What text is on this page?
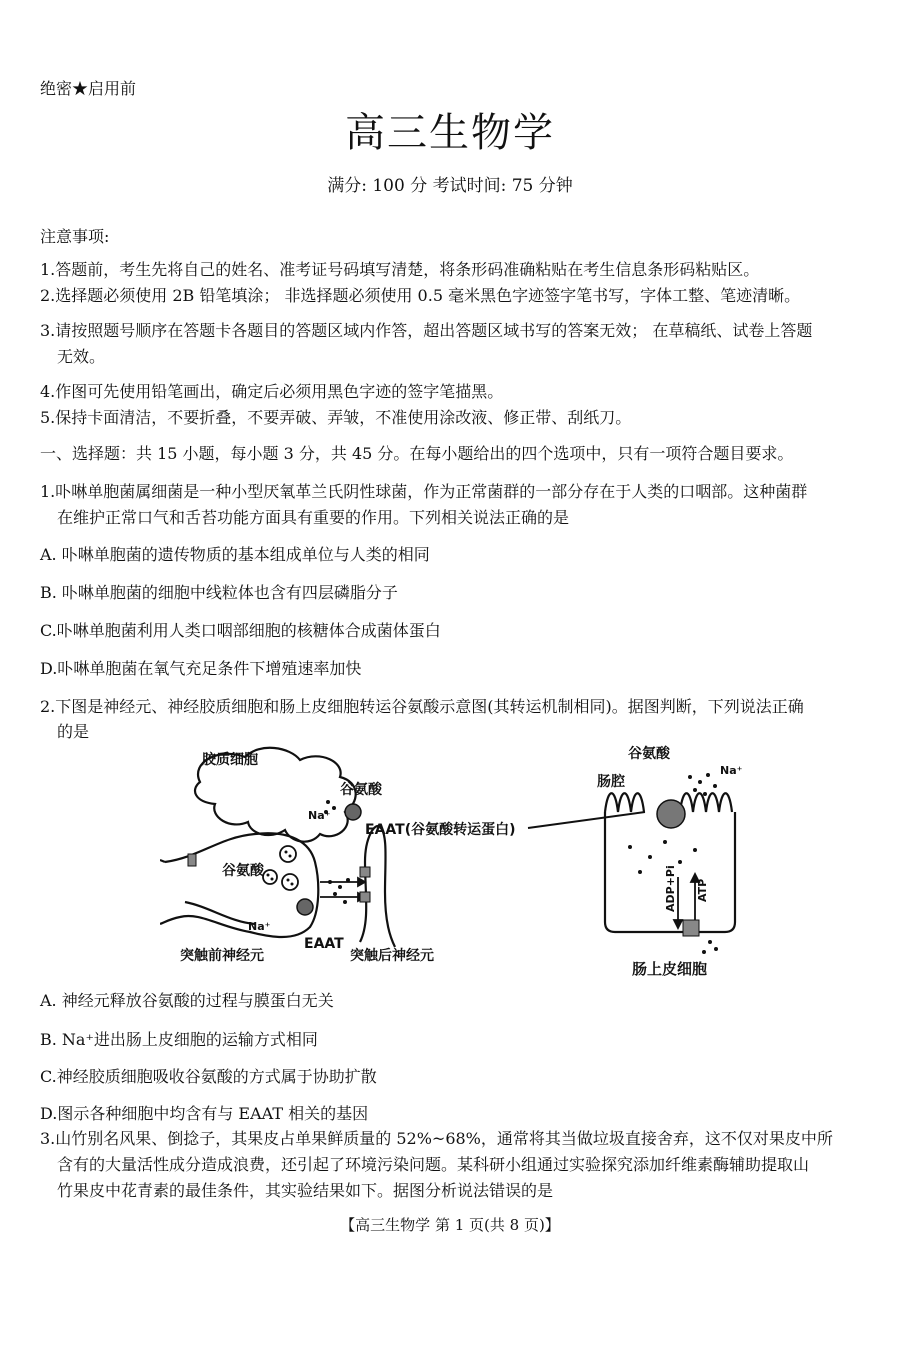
绝密★启用前
高三生物学
满分: 100 分 考试时间: 75 分钟
注意事项:
1.答题前，考生先将自己的姓名、准考证号码填写清楚，将条形码准确粘贴在考生信息条形码粘贴区。
2.选择题必须使用 2B 铅笔填涂； 非选择题必须使用 0.5 毫米黑色字迹签字笔书写，字体工整、笔迹清晰。
3.请按照题号顺序在答题卡各题目的答题区域内作答，超出答题区域书写的答案无效； 在草稿纸、试卷上答题
无效。
4.作图可先使用铅笔画出，确定后必须用黑色字迹的签字笔描黑。
5.保持卡面清洁，不要折叠，不要弄破、弄皱，不准使用涂改液、修正带、刮纸刀。
一、选择题：共 15 小题，每小题 3 分，共 45 分。在每小题给出的四个选项中，只有一项符合题目要求。
1.卟啉单胞菌属细菌是一种小型厌氧革兰氏阴性球菌，作为正常菌群的一部分存在于人类的口咽部。这种菌群
在维护正常口气和舌苔功能方面具有重要的作用。下列相关说法正确的是
A. 卟啉单胞菌的遗传物质的基本组成单位与人类的相同
B. 卟啉单胞菌的细胞中线粒体也含有四层磷脂分子
C.卟啉单胞菌利用人类口咽部细胞的核糖体合成菌体蛋白
D.卟啉单胞菌在氧气充足条件下增殖速率加快
2.下图是神经元、神经胶质细胞和肠上皮细胞转运谷氨酸示意图(其转运机制相同)。据图判断，下列说法正确
的是
胶质细胞
谷氨酸
Na⁺
EAAT(谷氨酸转运蛋白)
谷氨酸
Na⁺
EAAT
突触前神经元	突触后神经元
谷氨酸
Na⁺
肠腔
ADP+Pi ATP
肠上皮细胞
A. 神经元释放谷氨酸的过程与膜蛋白无关
B. Na⁺进出肠上皮细胞的运输方式相同
C.神经胶质细胞吸收谷氨酸的方式属于协助扩散
D.图示各种细胞中均含有与 EAAT 相关的基因
3.山竹别名风果、倒捻子，其果皮占单果鲜质量的 52%~68%，通常将其当做垃圾直接舍弃，这不仅对果皮中所
含有的大量活性成分造成浪费，还引起了环境污染问题。某科研小组通过实验探究添加纤维素酶辅助提取山
竹果皮中花青素的最佳条件，其实验结果如下。据图分析说法错误的是
【高三生物学 第 1 页(共 8 页)】
